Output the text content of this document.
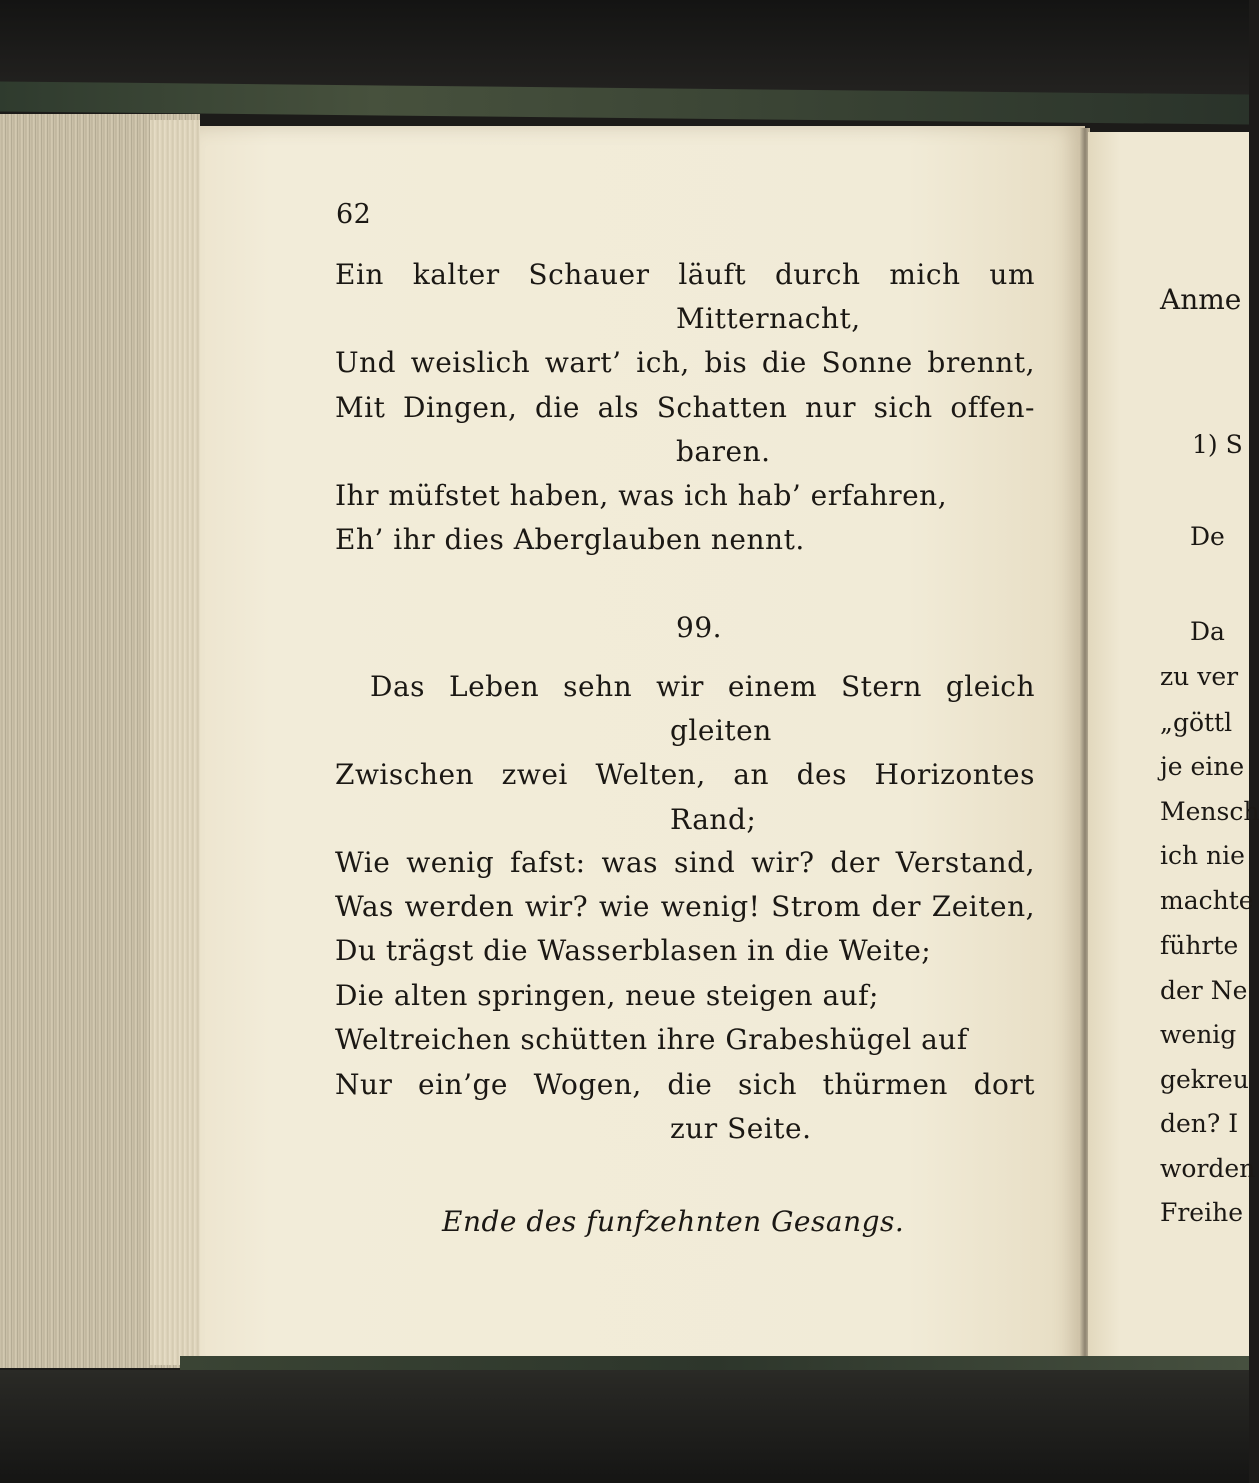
62
Ein kalter Schauer läuft durch mich um
Mitternacht,
Und weislich wart’ ich, bis die Sonne brennt,
Mit Dingen, die als Schatten nur sich offen-
baren.
Ihr müfstet haben, was ich hab’ erfahren,
Eh’ ihr dies Aberglauben nennt.
99.
Das Leben sehn wir einem Stern gleich
gleiten
Zwischen zwei Welten, an des Horizontes
Rand;
Wie wenig fafst: was sind wir? der Verstand,
Was werden wir? wie wenig! Strom der Zeiten,
Du trägst die Wasserblasen in die Weite;
Die alten springen, neue steigen auf;
Weltreichen schütten ihre Grabeshügel auf
Nur ein’ge Wogen, die sich thürmen dort
zur Seite.
Ende des funfzehnten Gesangs.
Anme
1) S
De
Da
zu ver
„göttl
je eine
Mensch
ich nie
machte
führte
der Ne
wenig
gekreu
den? I
worden
Freihe
